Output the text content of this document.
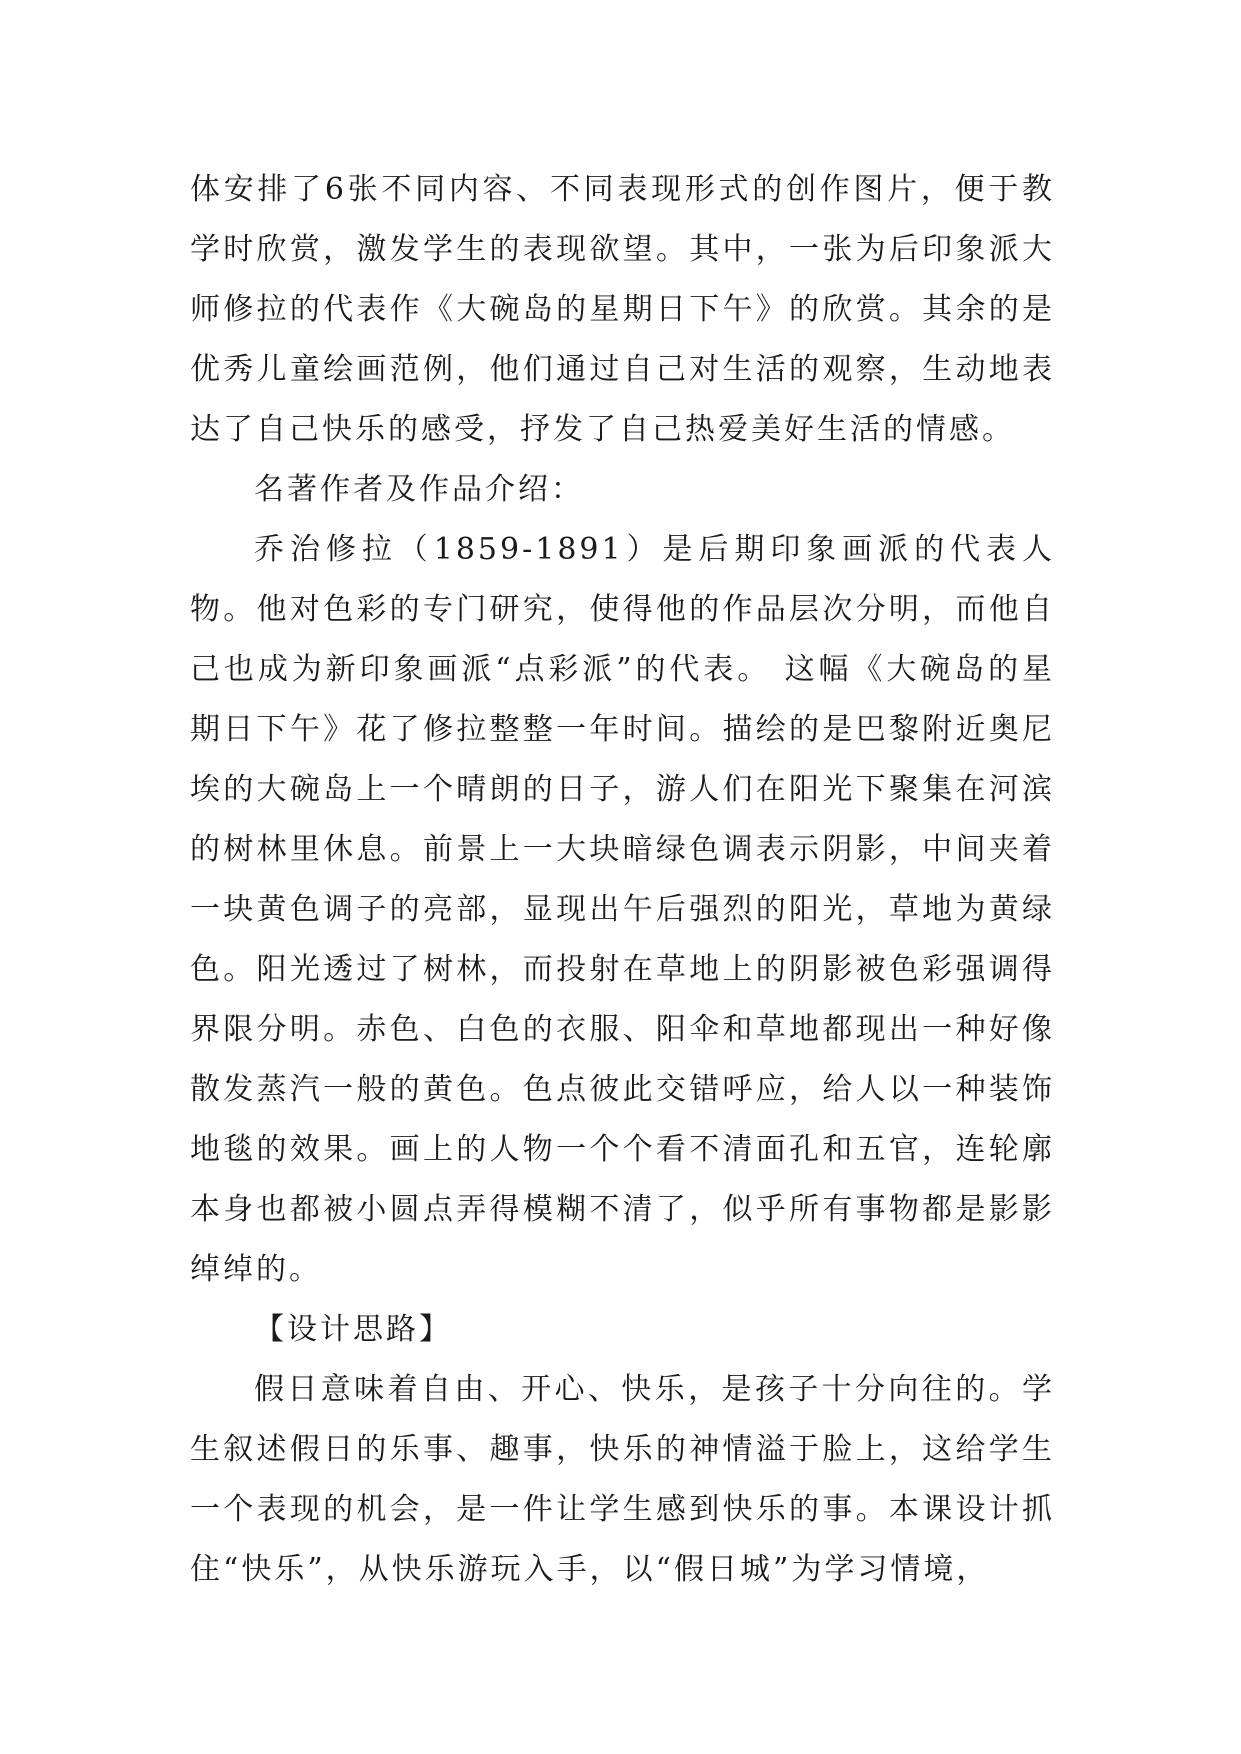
体安排了6张不同内容、不同表现形式的创作图片，便于教学时欣赏，激发学生的表现欲望。其中，一张为后印象派大师修拉的代表作《大碗岛的星期日下午》的欣赏。其余的是优秀儿童绘画范例，他们通过自己对生活的观察，生动地表达了自己快乐的感受，抒发了自己热爱美好生活的情感。

名著作者及作品介绍：

乔治修拉（1859-1891）是后期印象画派的代表人物。他对色彩的专门研究，使得他的作品层次分明，而他自己也成为新印象画派“点彩派”的代表。 这幅《大碗岛的星期日下午》花了修拉整整一年时间。描绘的是巴黎附近奥尼埃的大碗岛上一个晴朗的日子，游人们在阳光下聚集在河滨的树林里休息。前景上一大块暗绿色调表示阴影，中间夹着一块黄色调子的亮部，显现出午后强烈的阳光，草地为黄绿色。阳光透过了树林，而投射在草地上的阴影被色彩强调得界限分明。赤色、白色的衣服、阳伞和草地都现出一种好像散发蒸汽一般的黄色。色点彼此交错呼应，给人以一种装饰地毯的效果。画上的人物一个个看不清面孔和五官，连轮廓本身也都被小圆点弄得模糊不清了，似乎所有事物都是影影绰绰的。

【设计思路】

假日意味着自由、开心、快乐，是孩子十分向往的。学生叙述假日的乐事、趣事，快乐的神情溢于脸上，这给学生一个表现的机会，是一件让学生感到快乐的事。本课设计抓住“快乐”，从快乐游玩入手，以“假日城”为学习情境，
